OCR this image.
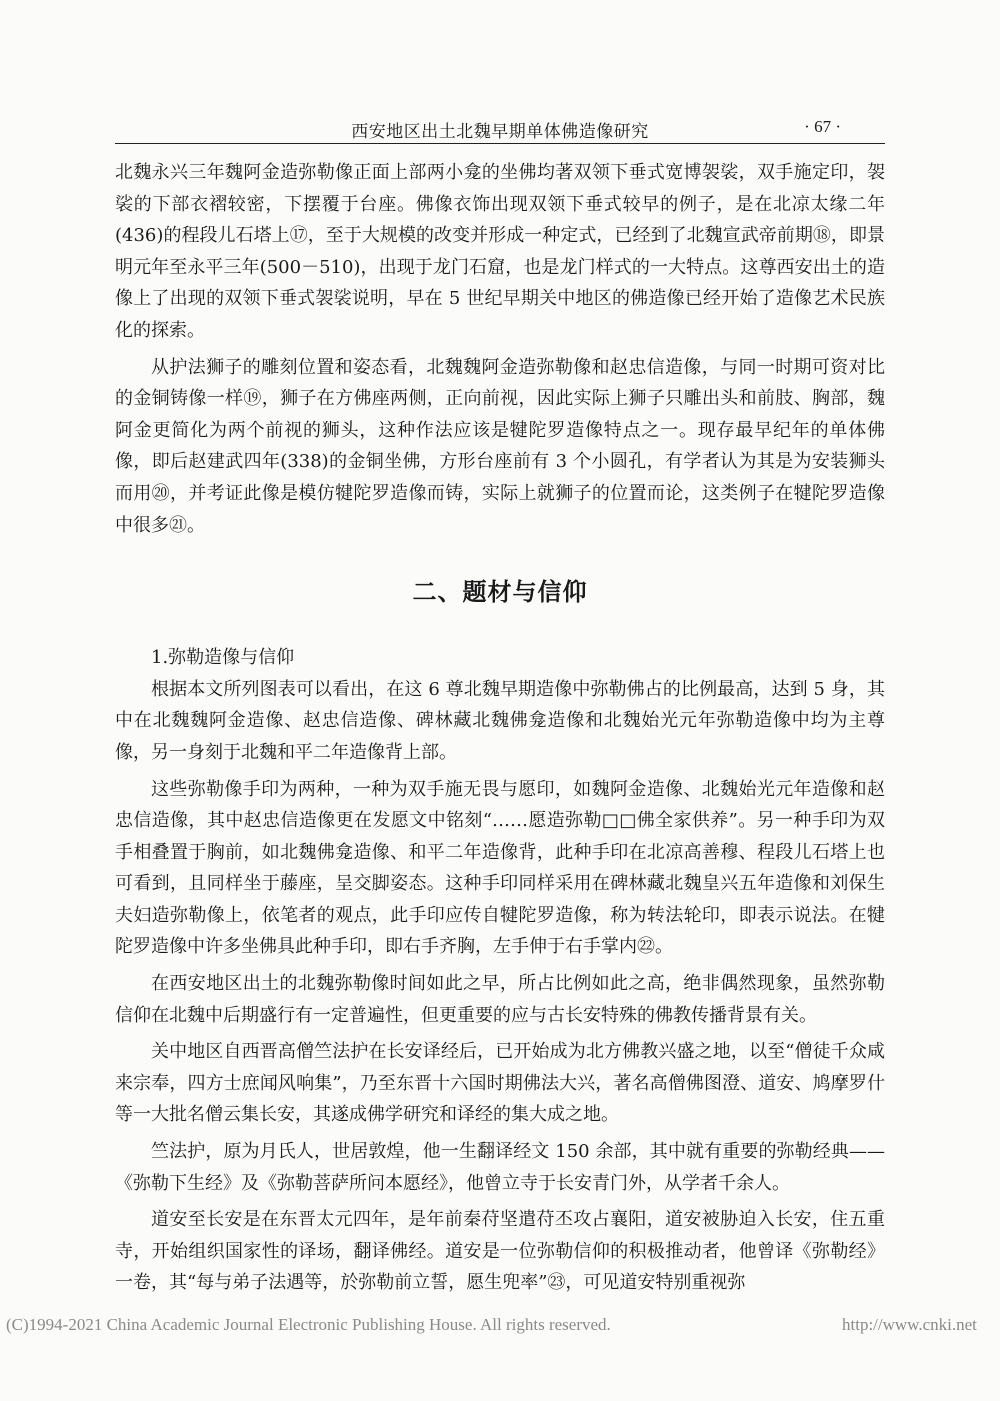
西安地区出土北魏早期单体佛造像研究	· 67 ·

北魏永兴三年魏阿金造弥勒像正面上部两小龛的坐佛均著双领下垂式宽博袈裟，双手施定印，袈裟的下部衣褶较密，下摆覆于台座。佛像衣饰出现双领下垂式较早的例子，是在北凉太缘二年(436)的程段儿石塔上⑰，至于大规模的改变并形成一种定式，已经到了北魏宣武帝前期⑱，即景明元年至永平三年(500－510)，出现于龙门石窟，也是龙门样式的一大特点。这尊西安出土的造像上了出现的双领下垂式袈裟说明，早在 5 世纪早期关中地区的佛造像已经开始了造像艺术民族化的探索。

从护法狮子的雕刻位置和姿态看，北魏魏阿金造弥勒像和赵忠信造像，与同一时期可资对比的金铜铸像一样⑲，狮子在方佛座两侧，正向前视，因此实际上狮子只雕出头和前肢、胸部，魏阿金更简化为两个前视的狮头，这种作法应该是犍陀罗造像特点之一。现存最早纪年的单体佛像，即后赵建武四年(338)的金铜坐佛，方形台座前有 3 个小圆孔，有学者认为其是为安装狮头而用⑳，并考证此像是模仿犍陀罗造像而铸，实际上就狮子的位置而论，这类例子在犍陀罗造像中很多㉑。

二、题材与信仰

1.弥勒造像与信仰

根据本文所列图表可以看出，在这 6 尊北魏早期造像中弥勒佛占的比例最高，达到 5 身，其中在北魏魏阿金造像、赵忠信造像、碑林藏北魏佛龛造像和北魏始光元年弥勒造像中均为主尊像，另一身刻于北魏和平二年造像背上部。

这些弥勒像手印为两种，一种为双手施无畏与愿印，如魏阿金造像、北魏始光元年造像和赵忠信造像，其中赵忠信造像更在发愿文中铭刻“……愿造弥勒□□佛全家供养”。另一种手印为双手相叠置于胸前，如北魏佛龛造像、和平二年造像背，此种手印在北凉高善穆、程段儿石塔上也可看到，且同样坐于藤座，呈交脚姿态。这种手印同样采用在碑林藏北魏皇兴五年造像和刘保生夫妇造弥勒像上，依笔者的观点，此手印应传自犍陀罗造像，称为转法轮印，即表示说法。在犍陀罗造像中许多坐佛具此种手印，即右手齐胸，左手伸于右手掌内㉒。

在西安地区出土的北魏弥勒像时间如此之早，所占比例如此之高，绝非偶然现象，虽然弥勒信仰在北魏中后期盛行有一定普遍性，但更重要的应与古长安特殊的佛教传播背景有关。

关中地区自西晋高僧竺法护在长安译经后，已开始成为北方佛教兴盛之地，以至“僧徒千众咸来宗奉，四方士庶闻风响集”，乃至东晋十六国时期佛法大兴，著名高僧佛图澄、道安、鸠摩罗什等一大批名僧云集长安，其遂成佛学研究和译经的集大成之地。

竺法护，原为月氏人，世居敦煌，他一生翻译经文 150 余部，其中就有重要的弥勒经典——《弥勒下生经》及《弥勒菩萨所问本愿经》，他曾立寺于长安青门外，从学者千余人。

道安至长安是在东晋太元四年，是年前秦苻坚遣苻丕攻占襄阳，道安被胁迫入长安，住五重寺，开始组织国家性的译场，翻译佛经。道安是一位弥勒信仰的积极推动者，他曾译《弥勒经》一卷，其“每与弟子法遇等，於弥勒前立誓，愿生兜率”㉓，可见道安特别重视弥

(C)1994-2021 China Academic Journal Electronic Publishing House. All rights reserved.	http://www.cnki.net
